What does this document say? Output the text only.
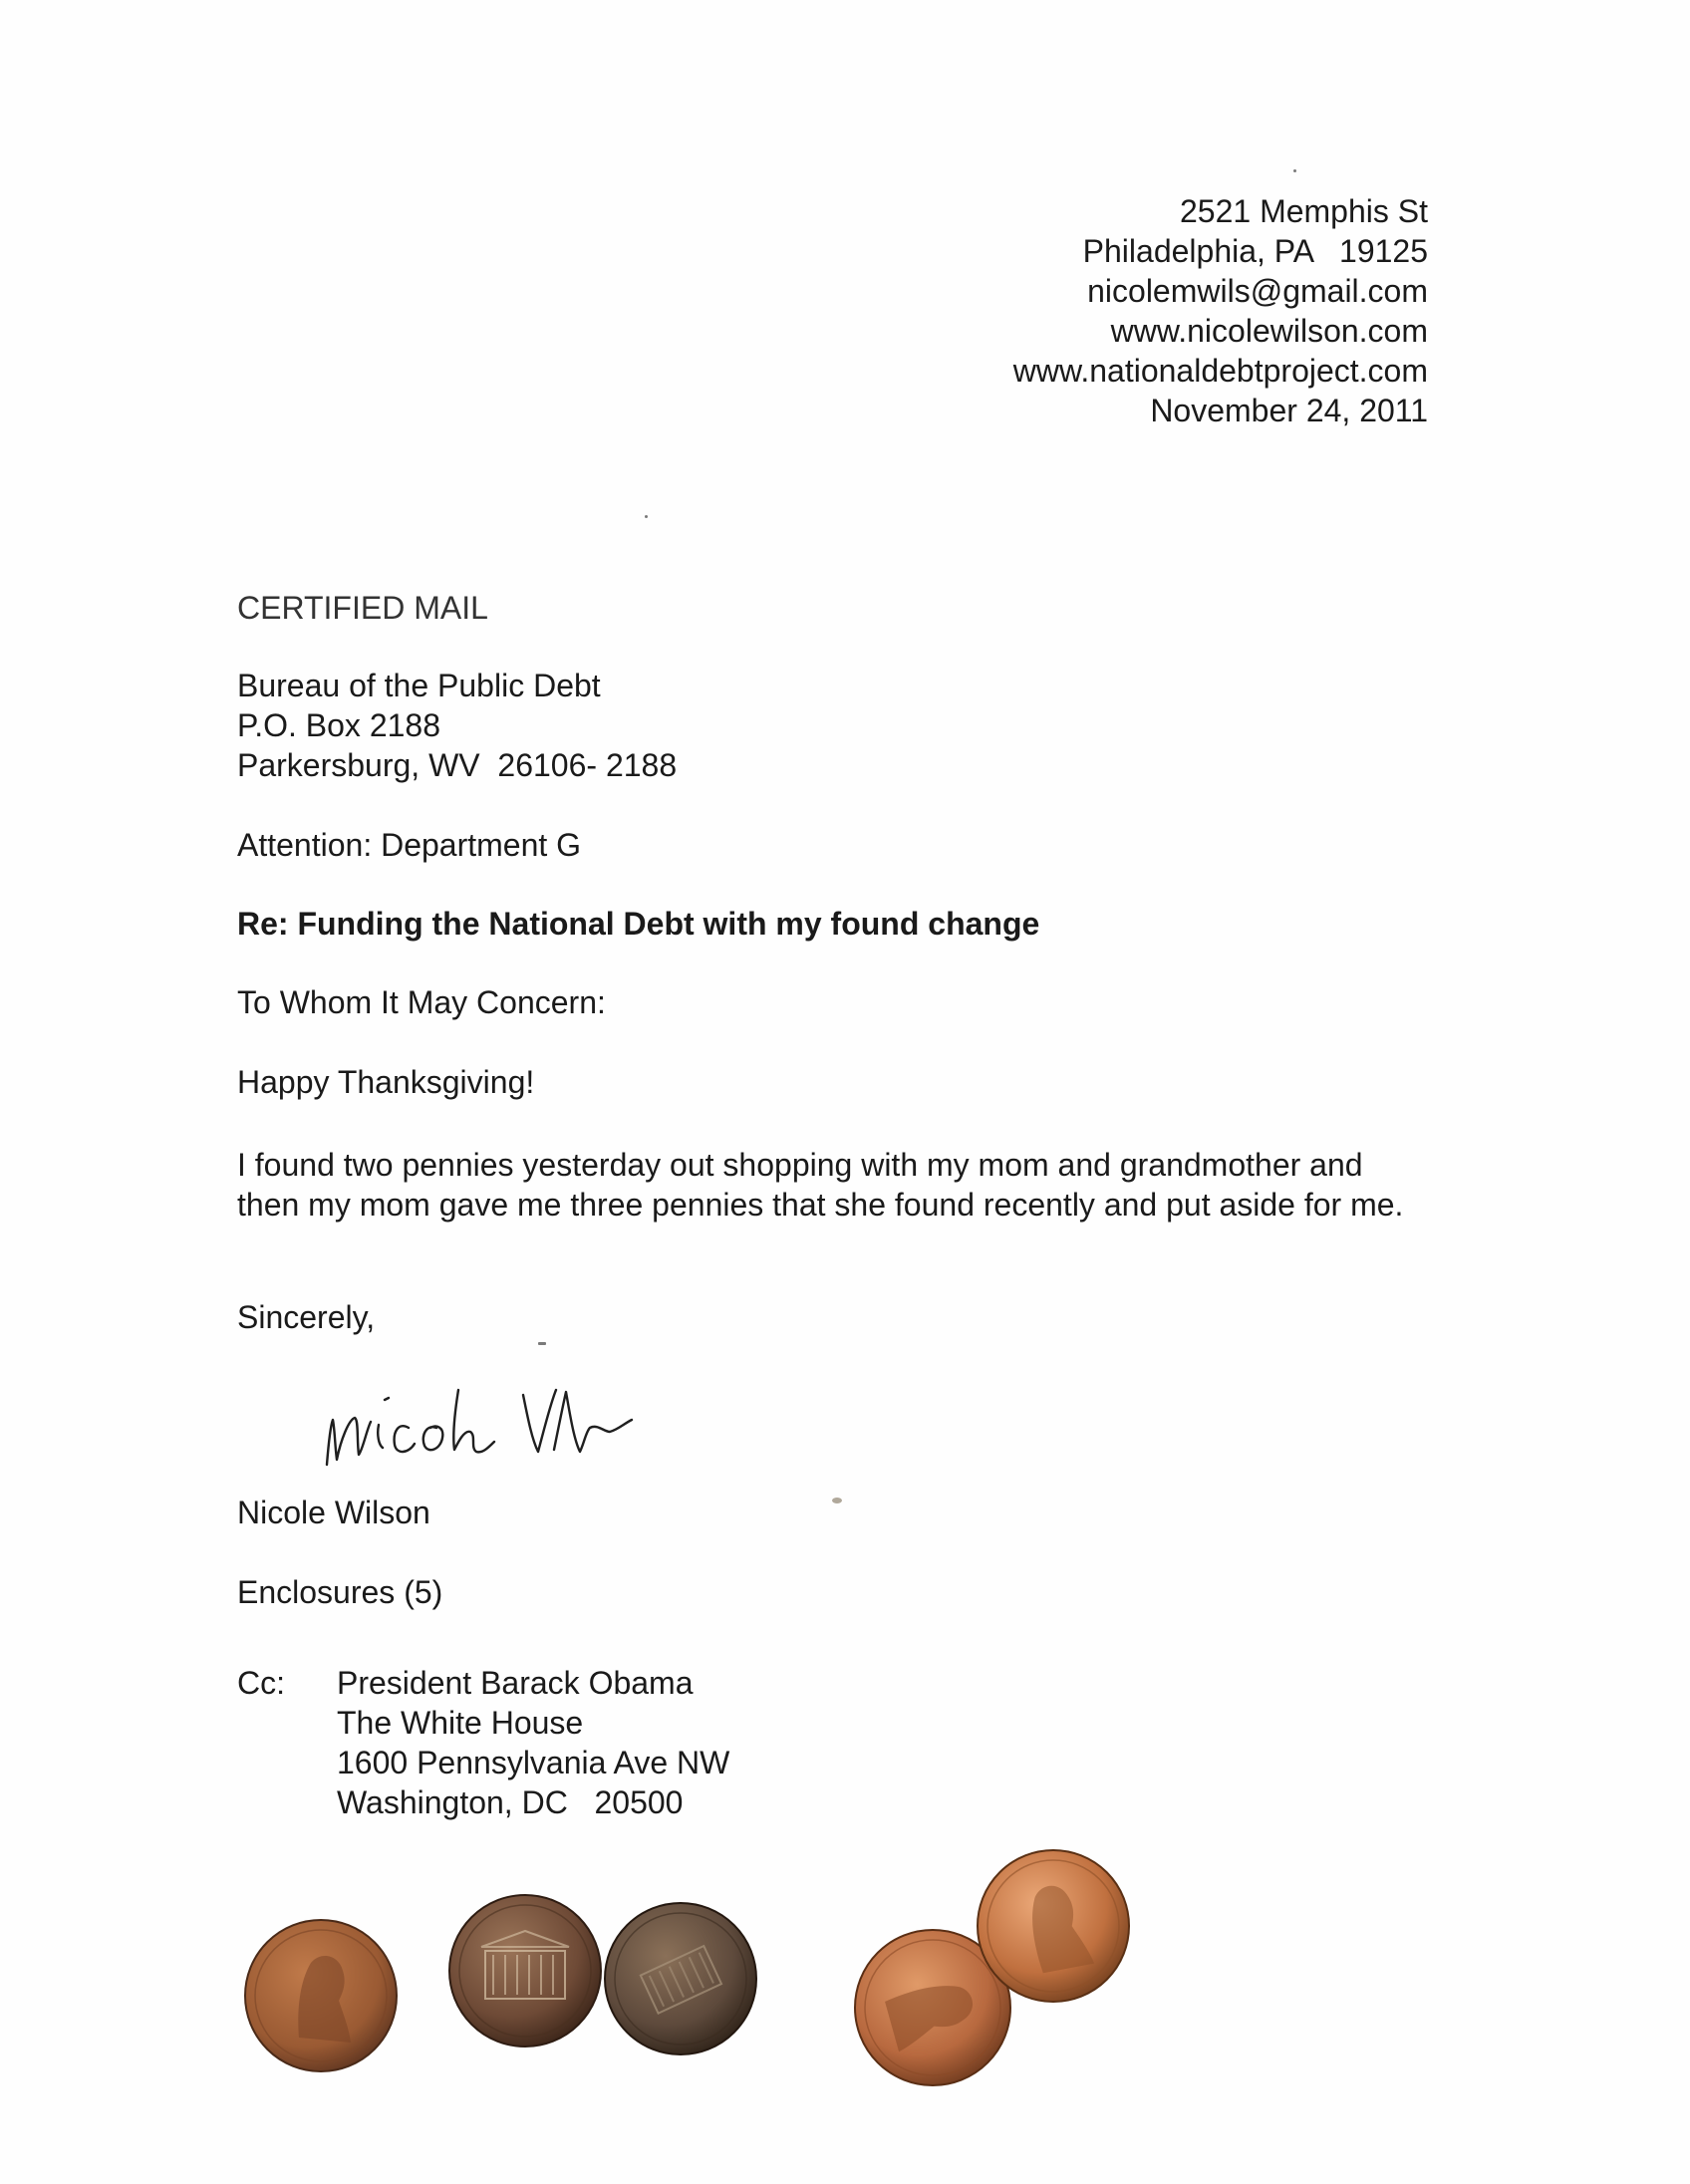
2521 Memphis St
Philadelphia, PA   19125
nicolemwils@gmail.com
www.nicolewilson.com
www.nationaldebtproject.com
November 24, 2011
CERTIFIED MAIL
Bureau of the Public Debt
P.O. Box 2188
Parkersburg, WV  26106- 2188
Attention: Department G
Re: Funding the National Debt with my found change
To Whom It May Concern:
Happy Thanksgiving!
I found two pennies yesterday out shopping with my mom and grandmother and then my mom gave me three pennies that she found recently and put aside for me.
Sincerely,
Nicole Wilson
Enclosures (5)
Cc: President Barack Obama
The White House
1600 Pennsylvania Ave NW
Washington, DC   20500
